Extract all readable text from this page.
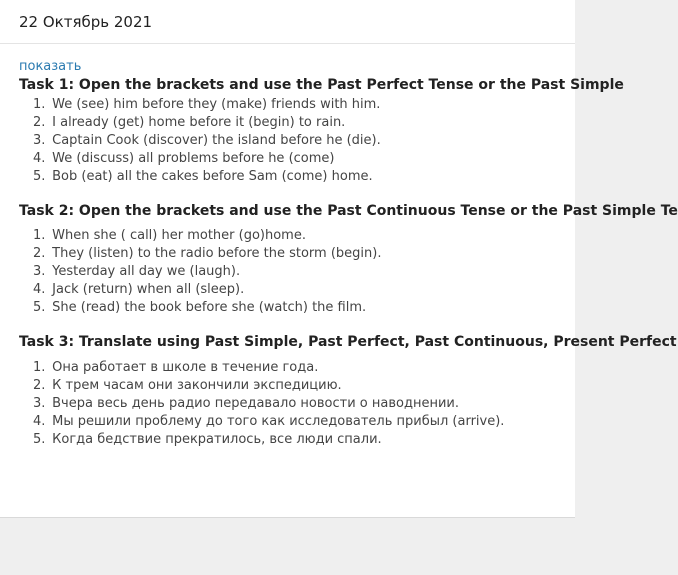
22 Октябрь 2021
показать
Task 1: Open the brackets and use the Past Perfect Tense or the Past Simple
1. We (see) him before they (make) friends with him.
2. I already (get) home before it (begin) to rain.
3. Captain Cook (discover) the island before he (die).
4. We (discuss) all problems before he (come)
5. Bob (eat) all the cakes before Sam (come) home.
Task 2: Open the brackets and use the Past Continuous Tense or the Past Simple Te
1. When she ( call) her mother (go)home.
2. They (listen) to the radio before the storm (begin).
3. Yesterday all day we (laugh).
4. Jack (return) when all (sleep).
5. She (read) the book before she (watch) the film.
Task 3: Translate using Past Simple, Past Perfect, Past Continuous, Present Perfect
1. Она работает в школе в течение года.
2. К трем часам они закончили экспедицию.
3. Вчера весь день радио передавало новости о наводнении.
4. Мы решили проблему до того как исследователь прибыл (arrive).
5. Когда бедствие прекратилось, все люди спали.
